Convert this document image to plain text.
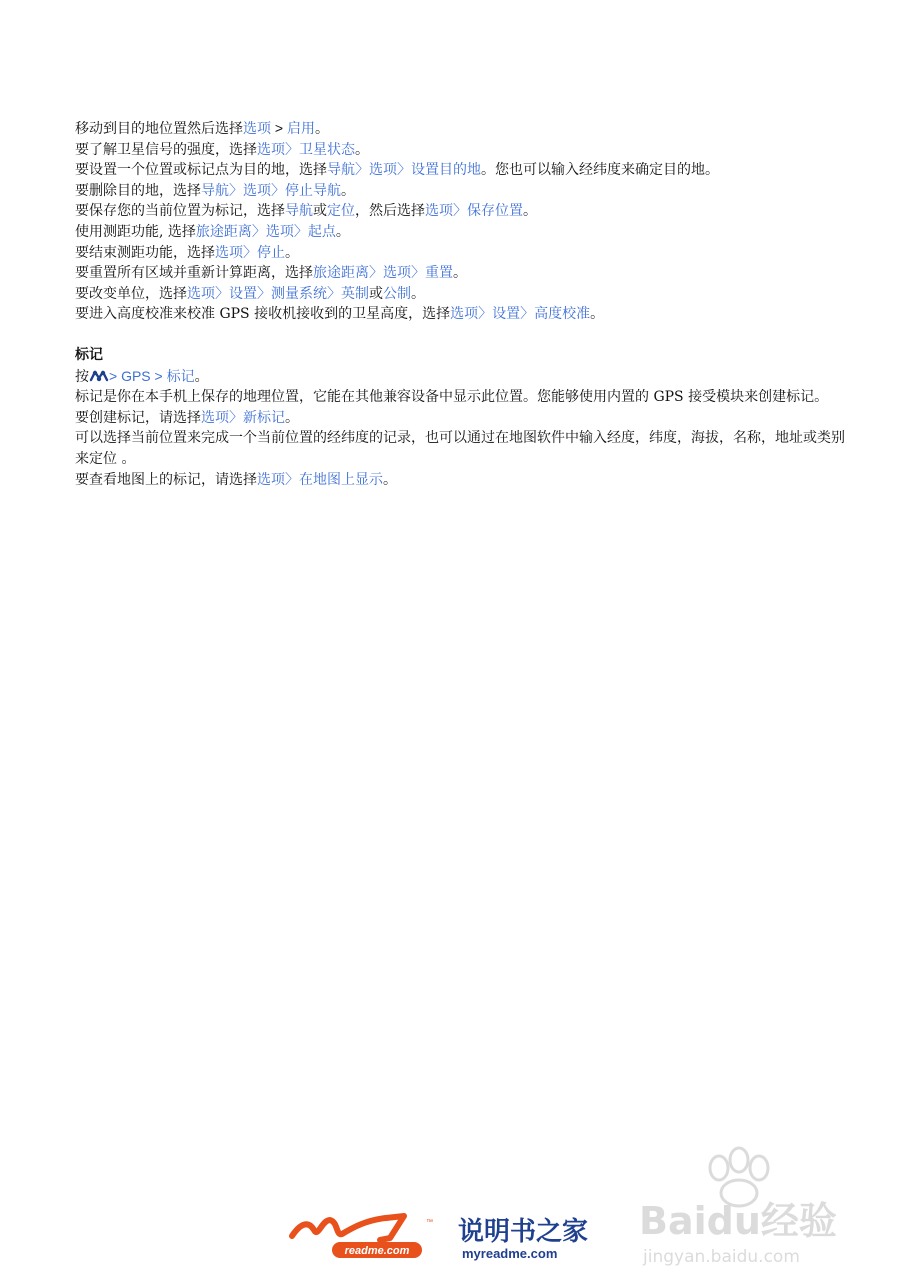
移动到目的地位置然后选择选项 > 启用。
要了解卫星信号的强度，选择选项〉卫星状态。
要设置一个位置或标记点为目的地，选择导航〉选项〉设置目的地。您也可以输入经纬度来确定目的地。
要删除目的地，选择导航〉选项〉停止导航。
要保存您的当前位置为标记，选择导航或定位，然后选择选项〉保存位置。
使用测距功能, 选择旅途距离〉选项〉起点。
要结束测距功能，选择选项〉停止。
要重置所有区域并重新计算距离，选择旅途距离〉选项〉重置。
要改变单位，选择选项〉设置〉测量系统〉英制或公制。
要进入高度校准来校准 GPS 接收机接收到的卫星高度，选择选项〉设置〉高度校准。
标记
按 > GPS > 标记。
标记是你在本手机上保存的地理位置，它能在其他兼容设备中显示此位置。您能够使用内置的 GPS 接受模块来创建标记。
要创建标记，请选择选项〉新标记。
可以选择当前位置来完成一个当前位置的经纬度的记录，也可以通过在地图软件中输入经度，纬度，海拔，名称，地址或类别来定位 。
要查看地图上的标记，请选择选项〉在地图上显示。
Baidu经验
jingyan.baidu.com
™
readme.com
说明书之家
myreadme.com
